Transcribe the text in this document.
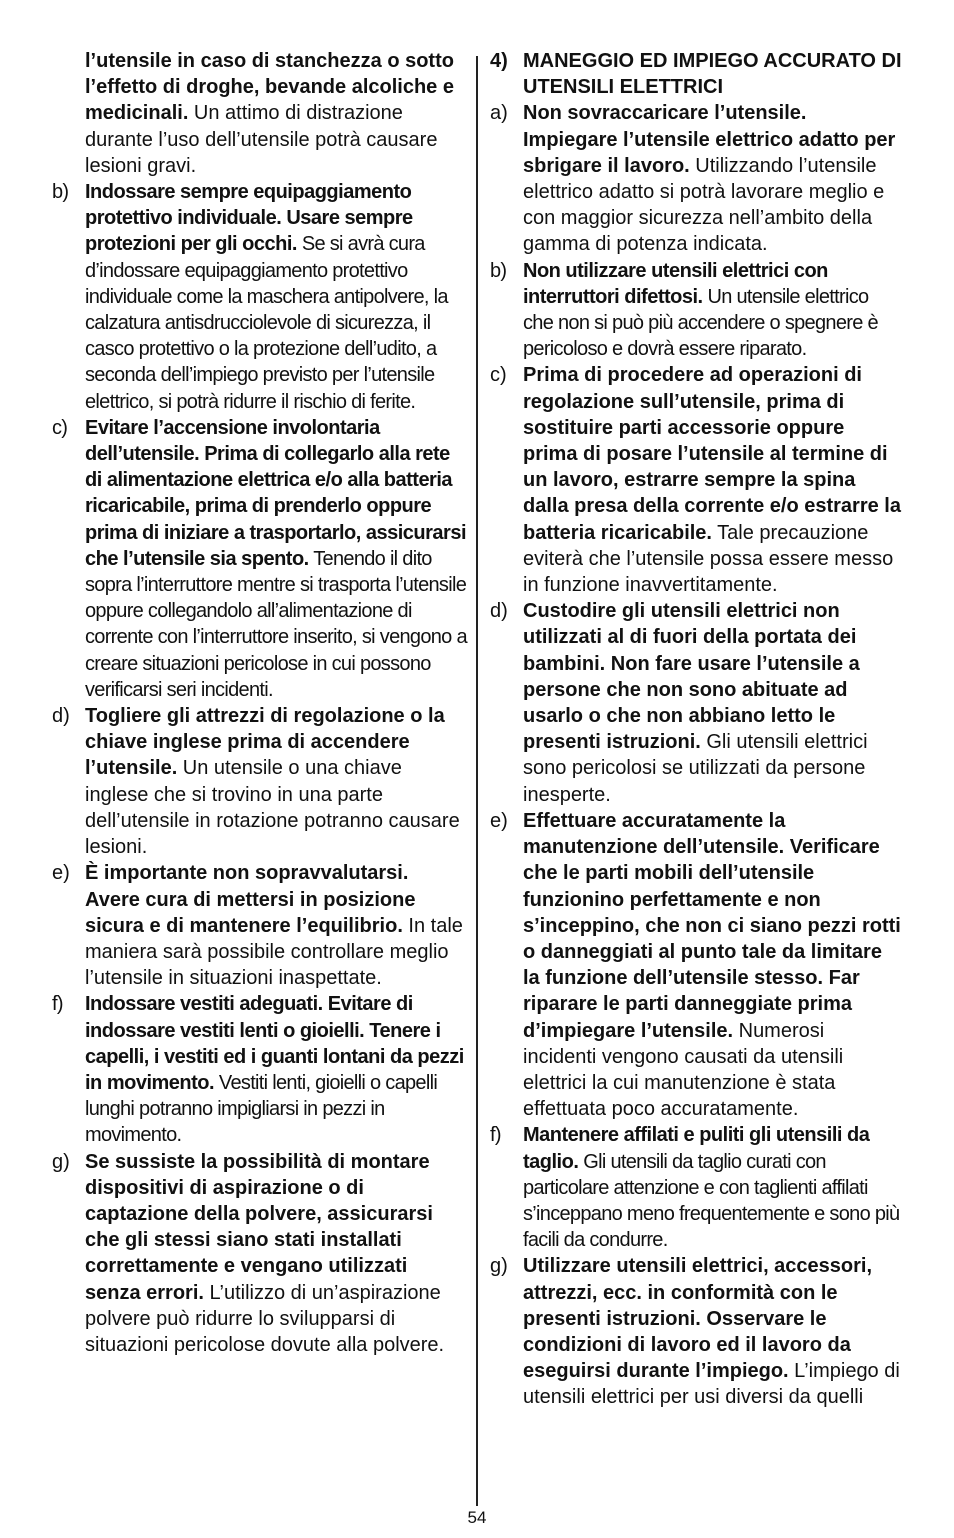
l’utensile in caso di stanchezza o sotto l’effetto di droghe, bevande alcoliche e medicinali. Un attimo di distrazione durante l’uso dell’utensile potrà causare lesioni gravi.
b) Indossare sempre equipaggiamento protettivo individuale. Usare sempre protezioni per gli occhi. Se si avrà cura d’indossare equipaggiamento protettivo individuale come la maschera antipolvere, la calzatura antisdrucciolevole di sicurezza, il casco protettivo o la protezione dell’udito, a seconda dell’impiego previsto per l’utensile elettrico, si potrà ridurre il rischio di ferite.
c) Evitare l’accensione involontaria dell’utensile. Prima di collegarlo alla rete di alimentazione elettrica e/o alla batteria ricaricabile, prima di prenderlo oppure prima di iniziare a trasportarlo, assicurarsi che l’utensile sia spento. Tenendo il dito sopra l’interruttore mentre si trasporta l’utensile oppure collegandolo all’alimentazione di corrente con l’interruttore inserito, si vengono a creare situazioni pericolose in cui possono verificarsi seri incidenti.
d) Togliere gli attrezzi di regolazione o la chiave inglese prima di accendere l’utensile. Un utensile o una chiave inglese che si trovino in una parte dell’utensile in rotazione potranno causare lesioni.
e) È importante non sopravvalutarsi. Avere cura di mettersi in posizione sicura e di mantenere l’equilibrio. In tale maniera sarà possibile controllare meglio l’utensile in situazioni inaspettate.
f) Indossare vestiti adeguati. Evitare di indossare vestiti lenti o gioielli. Tenere i capelli, i vestiti ed i guanti lontani da pezzi in movimento. Vestiti lenti, gioielli o capelli lunghi potranno impigliarsi in pezzi in movimento.
g) Se sussiste la possibilità di montare dispositivi di aspirazione o di captazione della polvere, assicurarsi che gli stessi siano stati installati correttamente e vengano utilizzati senza errori. L’utilizzo di un’aspirazione polvere può ridurre lo svilupparsi di situazioni pericolose dovute alla polvere.
4) MANEGGIO ED IMPIEGO ACCURATO DI UTENSILI ELETTRICI
a) Non sovraccaricare l’utensile. Impiegare l’utensile elettrico adatto per sbrigare il lavoro. Utilizzando l’utensile elettrico adatto si potrà lavorare meglio e con maggior sicurezza nell’ambito della gamma di potenza indicata.
b) Non utilizzare utensili elettrici con interruttori difettosi. Un utensile elettrico che non si può più accendere o spegnere è pericoloso e dovrà essere riparato.
c) Prima di procedere ad operazioni di regolazione sull’utensile, prima di sostituire parti accessorie oppure prima di posare l’utensile al termine di un lavoro, estrarre sempre la spina dalla presa della corrente e/o estrarre la batteria ricaricabile. Tale precauzione eviterà che l’utensile possa essere messo in funzione inavvertitamente.
d) Custodire gli utensili elettrici non utilizzati al di fuori della portata dei bambini. Non fare usare l’utensile a persone che non sono abituate ad usarlo o che non abbiano letto le presenti istruzioni. Gli utensili elettrici sono pericolosi se utilizzati da persone inesperte.
e) Effettuare accuratamente la manutenzione dell’utensile. Verificare che le parti mobili dell’utensile funzionino perfettamente e non s’inceppino, che non ci siano pezzi rotti o danneggiati al punto tale da limitare la funzione dell’utensile stesso. Far riparare le parti danneggiate prima d’impiegare l’utensile. Numerosi incidenti vengono causati da utensili elettrici la cui manutenzione è stata effettuata poco accuratamente.
f) Mantenere affilati e puliti gli utensili da taglio. Gli utensili da taglio curati con particolare attenzione e con taglienti affilati s’inceppano meno frequentemente e sono più facili da condurre.
g) Utilizzare utensili elettrici, accessori, attrezzi, ecc. in conformità con le presenti istruzioni. Osservare le condizioni di lavoro ed il lavoro da eseguirsi durante l’impiego. L’impiego di utensili elettrici per usi diversi da quelli
54
